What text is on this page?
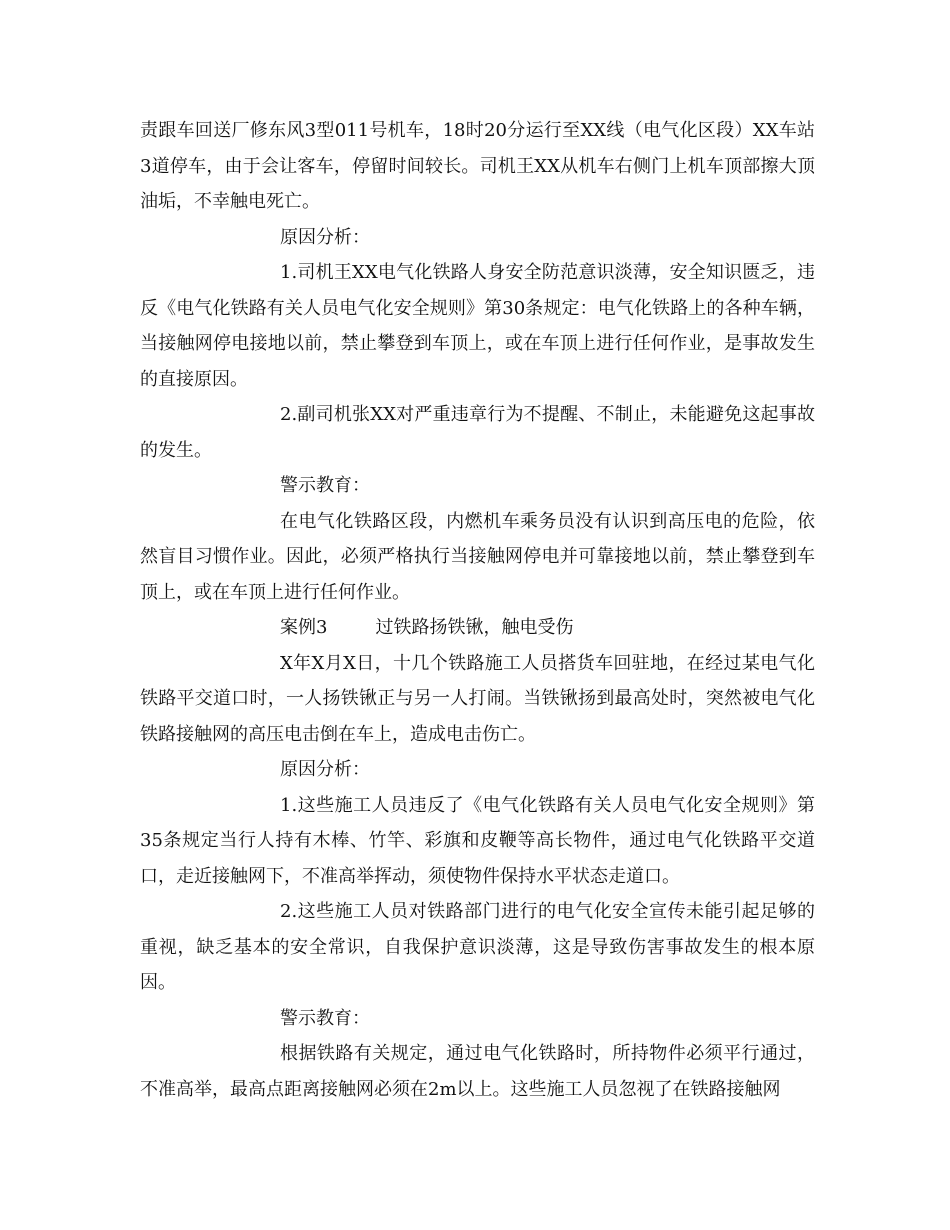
责跟车回送厂修东风3型011号机车，18时20分运行至XX线（电气化区段）XX车站3道停车，由于会让客车，停留时间较长。司机王XX从机车右侧门上机车顶部擦大顶油垢，不幸触电死亡。

原因分析：

1.司机王XX电气化铁路人身安全防范意识淡薄，安全知识匮乏，违反《电气化铁路有关人员电气化安全规则》第30条规定：电气化铁路上的各种车辆，当接触网停电接地以前，禁止攀登到车顶上，或在车顶上进行任何作业，是事故发生的直接原因。

2.副司机张XX对严重违章行为不提醒、不制止，未能避免这起事故的发生。

警示教育：

在电气化铁路区段，内燃机车乘务员没有认识到高压电的危险，依然盲目习惯作业。因此，必须严格执行当接触网停电并可靠接地以前，禁止攀登到车顶上，或在车顶上进行任何作业。

案例3	过铁路扬铁锹，触电受伤

X年X月X日，十几个铁路施工人员搭货车回驻地，在经过某电气化铁路平交道口时，一人扬铁锹正与另一人打闹。当铁锹扬到最高处时，突然被电气化铁路接触网的高压电击倒在车上，造成电击伤亡。

原因分析：

1.这些施工人员违反了《电气化铁路有关人员电气化安全规则》第35条规定当行人持有木棒、竹竿、彩旗和皮鞭等高长物件，通过电气化铁路平交道口，走近接触网下，不准高举挥动，须使物件保持水平状态走道口。

2.这些施工人员对铁路部门进行的电气化安全宣传未能引起足够的重视，缺乏基本的安全常识，自我保护意识淡薄，这是导致伤害事故发生的根本原因。

警示教育：

根据铁路有关规定，通过电气化铁路时，所持物件必须平行通过，不准高举，最高点距离接触网必须在2m以上。这些施工人员忽视了在铁路接触网
